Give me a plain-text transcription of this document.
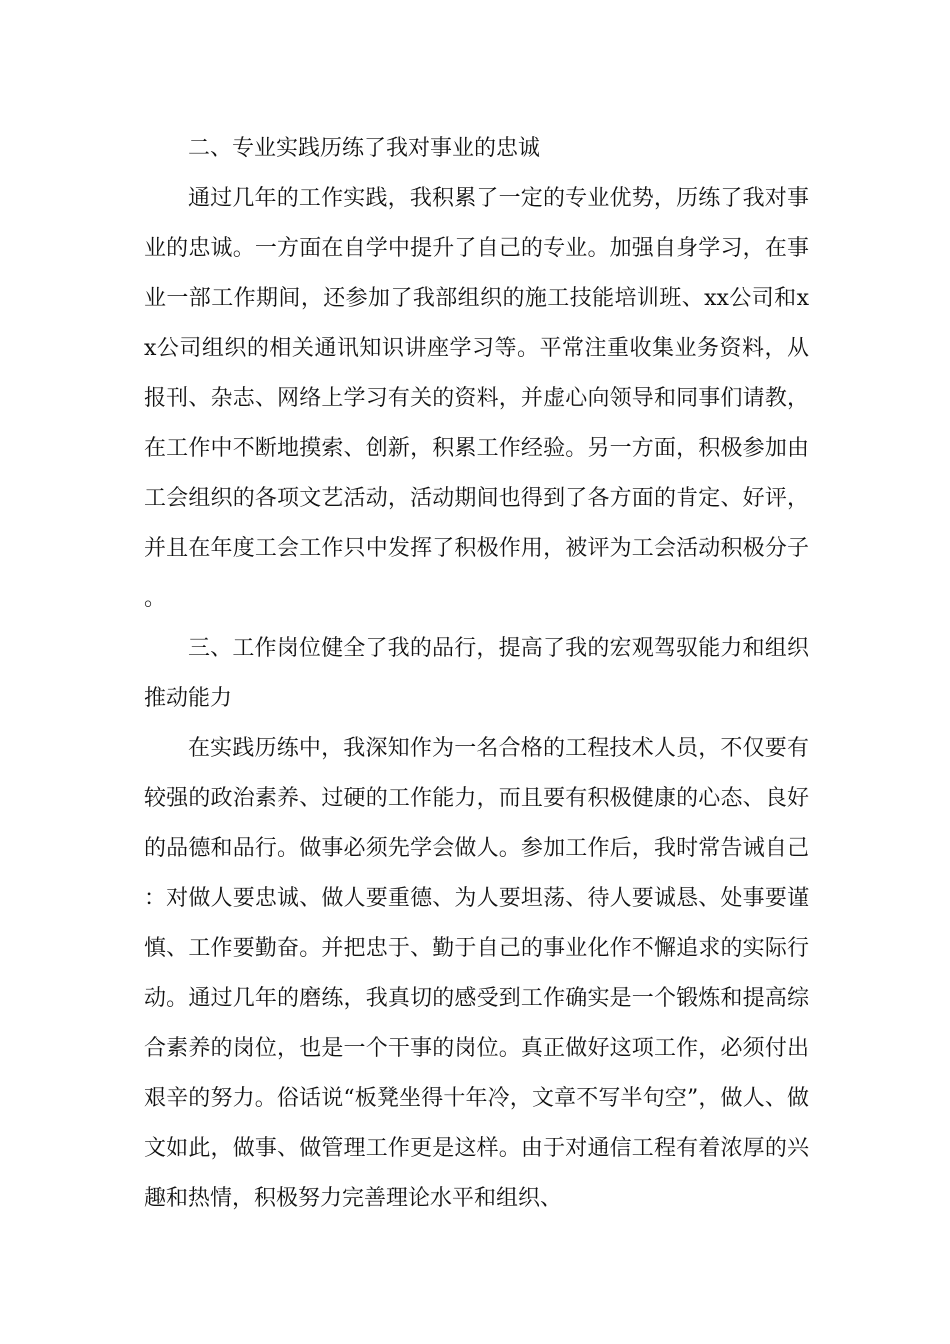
二、专业实践历练了我对事业的忠诚

通过几年的工作实践，我积累了一定的专业优势，历练了我对事业的忠诚。一方面在自学中提升了自己的专业。加强自身学习，在事业一部工作期间，还参加了我部组织的施工技能培训班、xx公司和xx公司组织的相关通讯知识讲座学习等。平常注重收集业务资料，从报刊、杂志、网络上学习有关的资料，并虚心向领导和同事们请教，在工作中不断地摸索、创新，积累工作经验。另一方面，积极参加由工会组织的各项文艺活动，活动期间也得到了各方面的肯定、好评，并且在年度工会工作只中发挥了积极作用，被评为工会活动积极分子。

三、工作岗位健全了我的品行，提高了我的宏观驾驭能力和组织推动能力

在实践历练中，我深知作为一名合格的工程技术人员，不仅要有较强的政治素养、过硬的工作能力，而且要有积极健康的心态、良好的品德和品行。做事必须先学会做人。参加工作后，我时常告诫自己：对做人要忠诚、做人要重德、为人要坦荡、待人要诚恳、处事要谨慎、工作要勤奋。并把忠于、勤于自己的事业化作不懈追求的实际行动。通过几年的磨练，我真切的感受到工作确实是一个锻炼和提高综合素养的岗位，也是一个干事的岗位。真正做好这项工作，必须付出艰辛的努力。俗话说“板凳坐得十年冷，文章不写半句空”，做人、做文如此，做事、做管理工作更是这样。由于对通信工程有着浓厚的兴趣和热情，积极努力完善理论水平和组织、
